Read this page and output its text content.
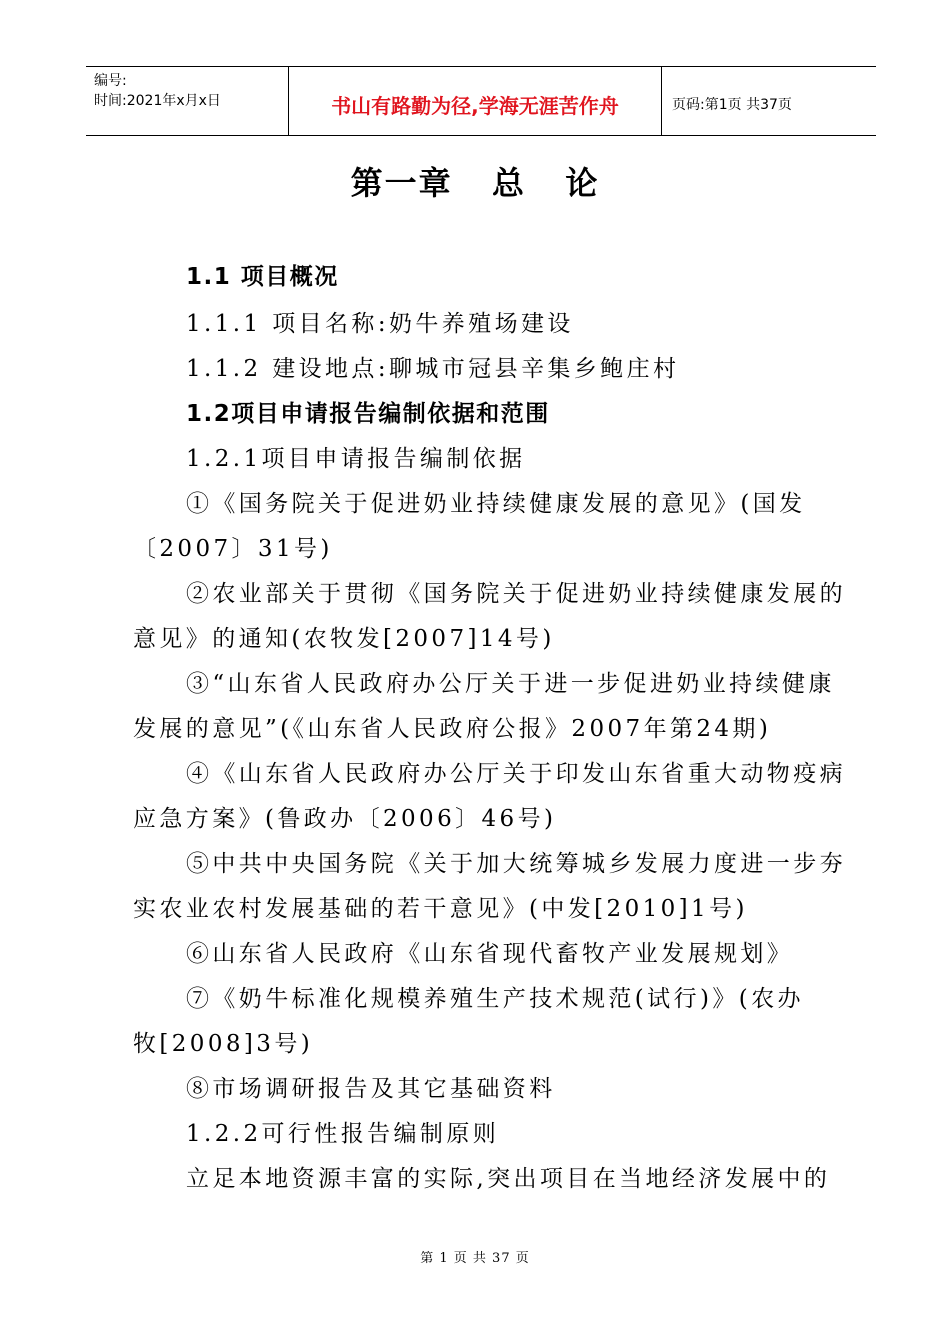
编号:
时间:2021年x月x日	书山有路勤为径,学海无涯苦作舟	页码:第1页 共37页
第一章   总   论
1.1 项目概况
1.1.1 项目名称:奶牛养殖场建设
1.1.2 建设地点:聊城市冠县辛集乡鲍庄村
1.2项目申请报告编制依据和范围
1.2.1项目申请报告编制依据
①《国务院关于促进奶业持续健康发展的意见》(国发
〔2007〕31号)
②农业部关于贯彻《国务院关于促进奶业持续健康发展的
意见》的通知(农牧发[2007]14号)
③“山东省人民政府办公厅关于进一步促进奶业持续健康
发展的意见”(《山东省人民政府公报》2007年第24期)
④《山东省人民政府办公厅关于印发山东省重大动物疫病
应急方案》(鲁政办〔2006〕46号)
⑤中共中央国务院《关于加大统筹城乡发展力度进一步夯
实农业农村发展基础的若干意见》(中发[2010]1号)
⑥山东省人民政府《山东省现代畜牧产业发展规划》
⑦《奶牛标准化规模养殖生产技术规范(试行)》(农办
牧[2008]3号)
⑧市场调研报告及其它基础资料
1.2.2可行性报告编制原则
立足本地资源丰富的实际,突出项目在当地经济发展中的
第 1 页 共 37 页
